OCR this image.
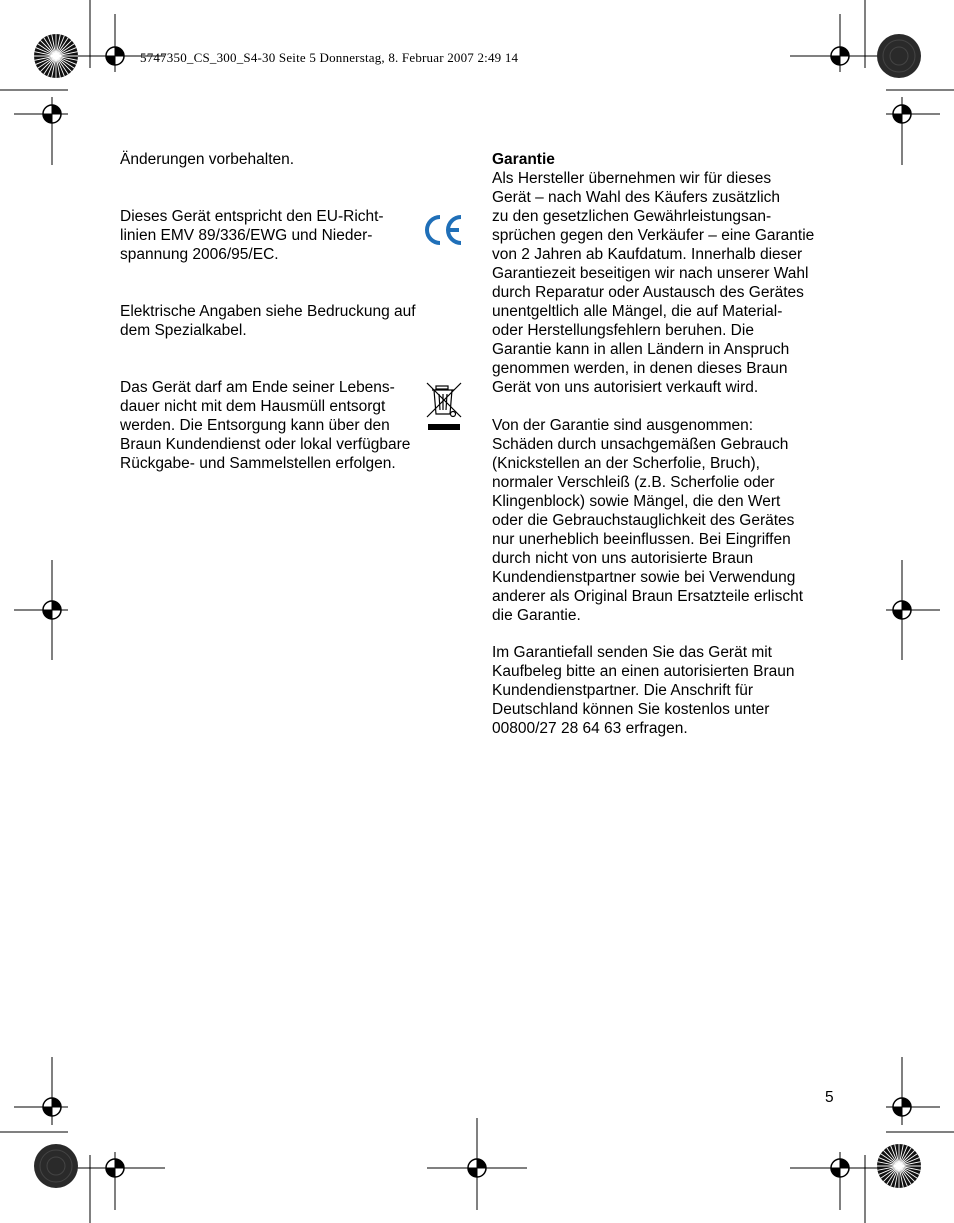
5747350_CS_300_S4-30 Seite 5 Donnerstag, 8. Februar 2007 2:49 14

Änderungen vorbehalten.

Dieses Gerät entspricht den EU-Richt-
linien EMV 89/336/EWG und Nieder-
spannung 2006/95/EC.

Elektrische Angaben siehe Bedruckung auf
dem Spezialkabel.

Das Gerät darf am Ende seiner Lebens-
dauer nicht mit dem Hausmüll entsorgt
werden. Die Entsorgung kann über den
Braun Kundendienst oder lokal verfügbare
Rückgabe- und Sammelstellen erfolgen.

Garantie

Als Hersteller übernehmen wir für dieses
Gerät – nach Wahl des Käufers zusätzlich
zu den gesetzlichen Gewährleistungsan-
sprüchen gegen den Verkäufer – eine Garantie
von 2 Jahren ab Kaufdatum. Innerhalb dieser
Garantiezeit beseitigen wir nach unserer Wahl
durch Reparatur oder Austausch des Gerätes
unentgeltlich alle Mängel, die auf Material-
oder Herstellungsfehlern beruhen. Die
Garantie kann in allen Ländern in Anspruch
genommen werden, in denen dieses Braun
Gerät von uns autorisiert verkauft wird.

Von der Garantie sind ausgenommen:
Schäden durch unsachgemäßen Gebrauch
(Knickstellen an der Scherfolie, Bruch),
normaler Verschleiß (z.B. Scherfolie oder
Klingenblock) sowie Mängel, die den Wert
oder die Gebrauchstauglichkeit des Gerätes
nur unerheblich beeinflussen. Bei Eingriffen
durch nicht von uns autorisierte Braun
Kundendienstpartner sowie bei Verwendung
anderer als Original Braun Ersatzteile erlischt
die Garantie.

Im Garantiefall senden Sie das Gerät mit
Kaufbeleg bitte an einen autorisierten Braun
Kundendienstpartner. Die Anschrift für
Deutschland können Sie kostenlos unter
00800/27 28 64 63 erfragen.

5
